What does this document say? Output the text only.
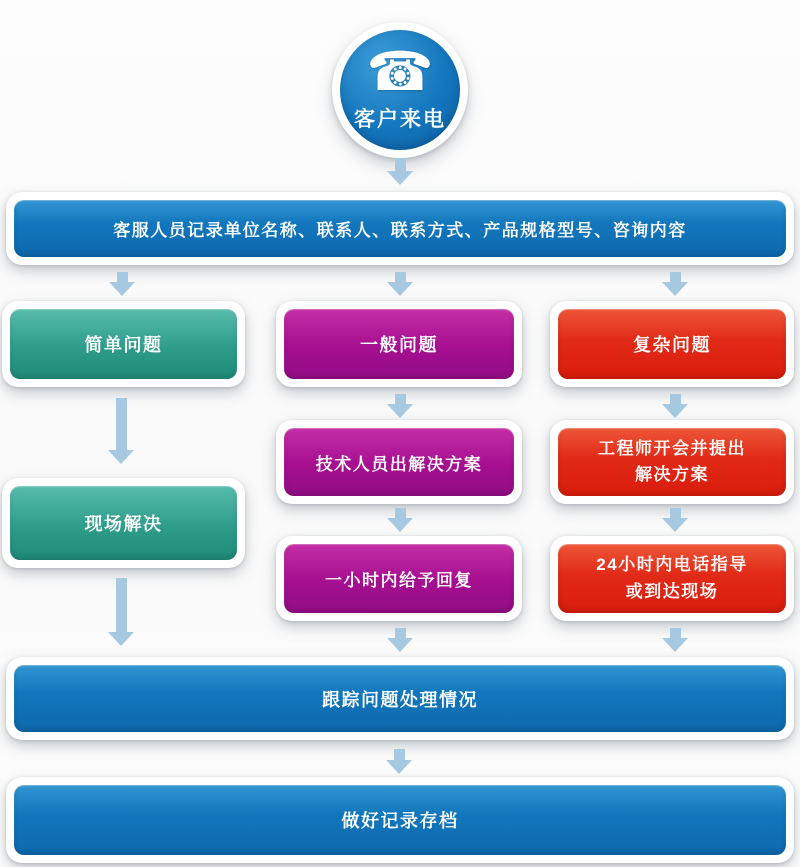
☎
客户来电
客服人员记录单位名称、联系人、联系方式、产品规格型号、咨询内容
简单问题	一般问题	复杂问题
技术人员出解决方案
工程师开会并提出
解决方案
现场解决
一小时内给予回复
24小时内电话指导
或到达现场
跟踪问题处理情况
做好记录存档
